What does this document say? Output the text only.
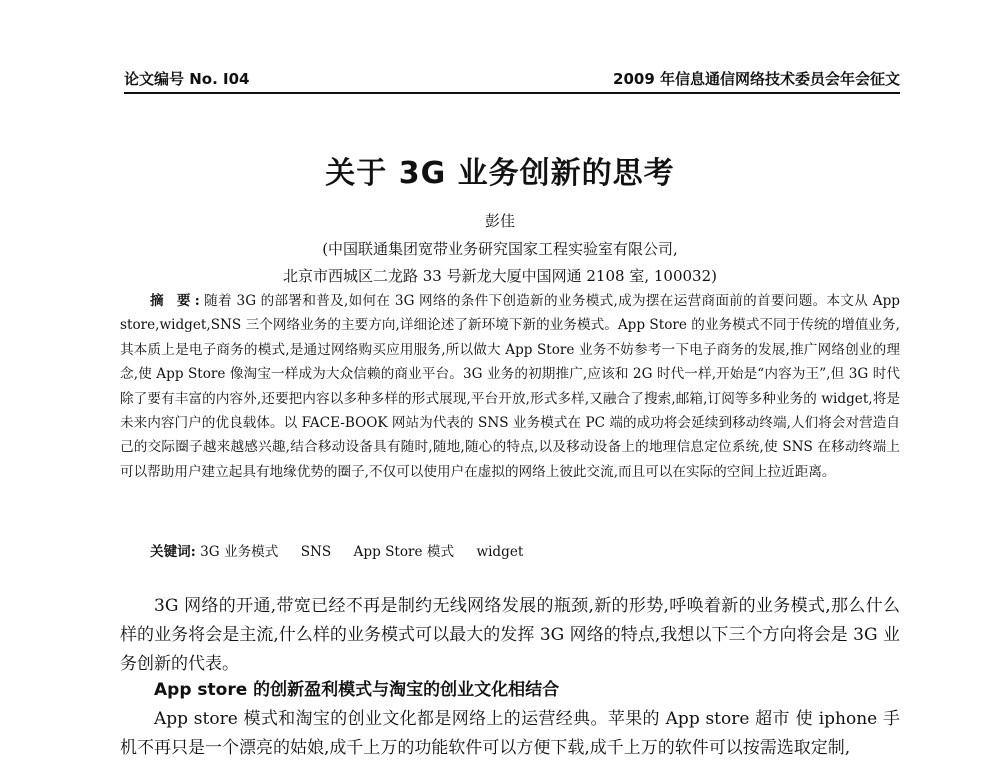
论文编号 No. I04	2009 年信息通信网络技术委员会年会征文
关于 3G 业务创新的思考
彭佳
(中国联通集团宽带业务研究国家工程实验室有限公司,
北京市西城区二龙路 33 号新龙大厦中国网通 2108 室, 100032)

摘 要:随着 3G 的部署和普及,如何在 3G 网络的条件下创造新的业务模式,成为摆在运营商面前的首要问题。本文从 App store,widget,SNS 三个网络业务的主要方向,详细论述了新环境下新的业务模式。App Store 的业务模式不同于传统的增值业务,其本质上是电子商务的模式,是通过网络购买应用服务,所以做大 App Store 业务不妨参考一下电子商务的发展,推广网络创业的理念,使 App Store 像淘宝一样成为大众信赖的商业平台。3G 业务的初期推广,应该和 2G 时代一样,开始是“内容为王”,但 3G 时代除了要有丰富的内容外,还要把内容以多种多样的形式展现,平台开放,形式多样,又融合了搜索,邮箱,订阅等多种业务的 widget,将是未来内容门户的优良载体。以 FACE-BOOK 网站为代表的 SNS 业务模式在 PC 端的成功将会延续到移动终端,人们将会对营造自己的交际圈子越来越感兴趣,结合移动设备具有随时,随地,随心的特点,以及移动设备上的地理信息定位系统,使 SNS 在移动终端上可以帮助用户建立起具有地缘优势的圈子,不仅可以使用户在虚拟的网络上彼此交流,而且可以在实际的空间上拉近距离。

关键词: 3G 业务模式 SNS App Store 模式 widget

3G 网络的开通,带宽已经不再是制约无线网络发展的瓶颈,新的形势,呼唤着新的业务模式,那么什么样的业务将会是主流,什么样的业务模式可以最大的发挥 3G 网络的特点,我想以下三个方向将会是 3G 业务创新的代表。

App store 的创新盈利模式与淘宝的创业文化相结合

App store 模式和淘宝的创业文化都是网络上的运营经典。苹果的 App store 超市 使 iphone 手机不再只是一个漂亮的姑娘,成千上万的功能软件可以方便下载,成千上万的软件可以按需选取定制,
